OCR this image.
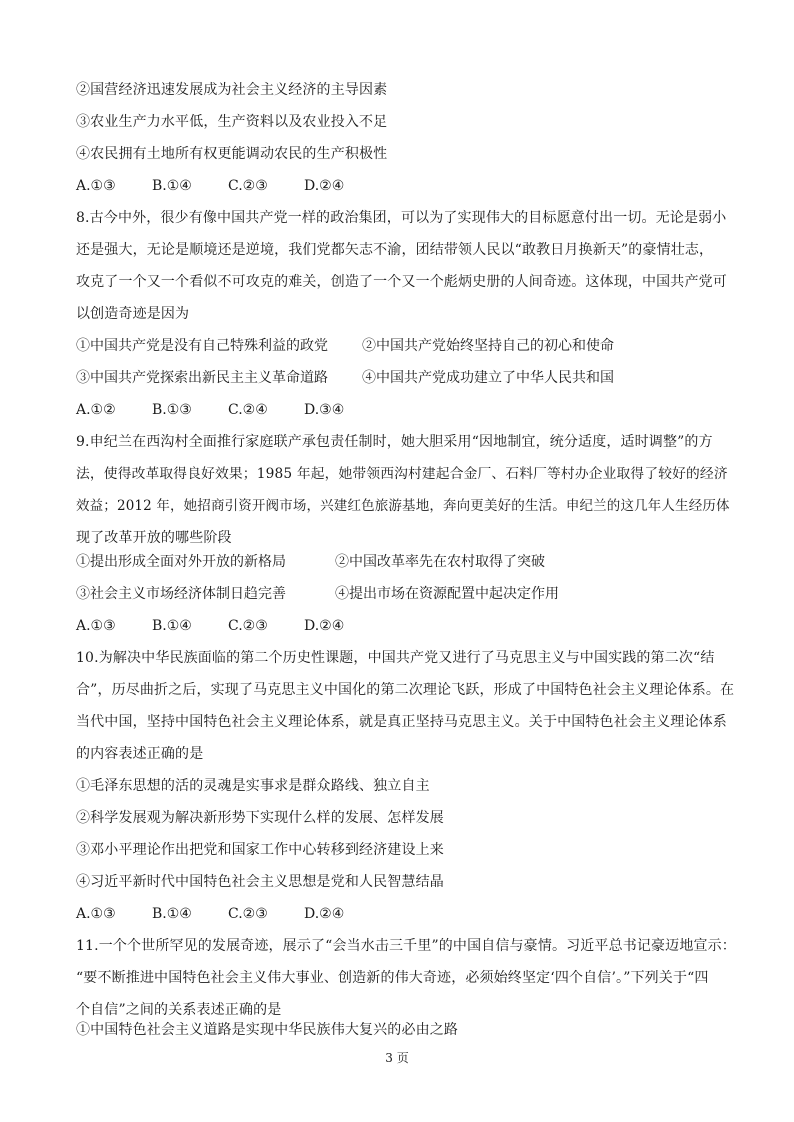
②国营经济迅速发展成为社会主义经济的主导因素
③农业生产力水平低，生产资料以及农业投入不足
④农民拥有土地所有权更能调动农民的生产积极性
A.①③	B.①④	C.②③	D.②④
8.古今中外，很少有像中国共产党一样的政治集团，可以为了实现伟大的目标愿意付出一切。无论是弱小
还是强大，无论是顺境还是逆境，我们党都矢志不渝，团结带领人民以“敢教日月换新天”的豪情壮志，
攻克了一个又一个看似不可攻克的难关，创造了一个又一个彪炳史册的人间奇迹。这体现，中国共产党可
以创造奇迹是因为
①中国共产党是没有自己特殊利益的政党 ②中国共产党始终坚持自己的初心和使命
③中国共产党探索出新民主主义革命道路 ④中国共产党成功建立了中华人民共和国
A.①②	B.①③	C.②④	D.③④
9.申纪兰在西沟村全面推行家庭联产承包责任制时，她大胆采用“因地制宜，统分适度，适时调整”的方
法，使得改革取得良好效果；1985 年起，她带领西沟村建起合金厂、石料厂等村办企业取得了较好的经济
效益；2012 年，她招商引资开阀市场，兴建红色旅游基地，奔向更美好的生活。申纪兰的这几年人生经历体
现了改革开放的哪些阶段
①提出形成全面对外开放的新格局	②中国改革率先在农村取得了突破
③社会主义市场经济体制日趋完善	④提出市场在资源配置中起决定作用
A.①③	B.①④	C.②③	D.②④
10.为解决中华民族面临的第二个历史性课题，中国共产党又进行了马克思主义与中国实践的第二次“结
合”，历尽曲折之后，实现了马克思主义中国化的第二次理论飞跃，形成了中国特色社会主义理论体系。在
当代中国，坚持中国特色社会主义理论体系，就是真正坚持马克思主义。关于中国特色社会主义理论体系
的内容表述正确的是
①毛泽东思想的活的灵魂是实事求是群众路线、独立自主
②科学发展观为解决新形势下实现什么样的发展、怎样发展
③邓小平理论作出把党和国家工作中心转移到经济建设上来
④习近平新时代中国特色社会主义思想是党和人民智慧结晶
A.①③	B.①④	C.②③	D.②④
11.一个个世所罕见的发展奇迹，展示了“会当水击三千里”的中国自信与豪情。习近平总书记豪迈地宣示：
“要不断推进中国特色社会主义伟大事业、创造新的伟大奇迹，必须始终坚定‘四个自信’。”下列关于“四
个自信”之间的关系表述正确的是
①中国特色社会主义道路是实现中华民族伟大复兴的必由之路
3 页
